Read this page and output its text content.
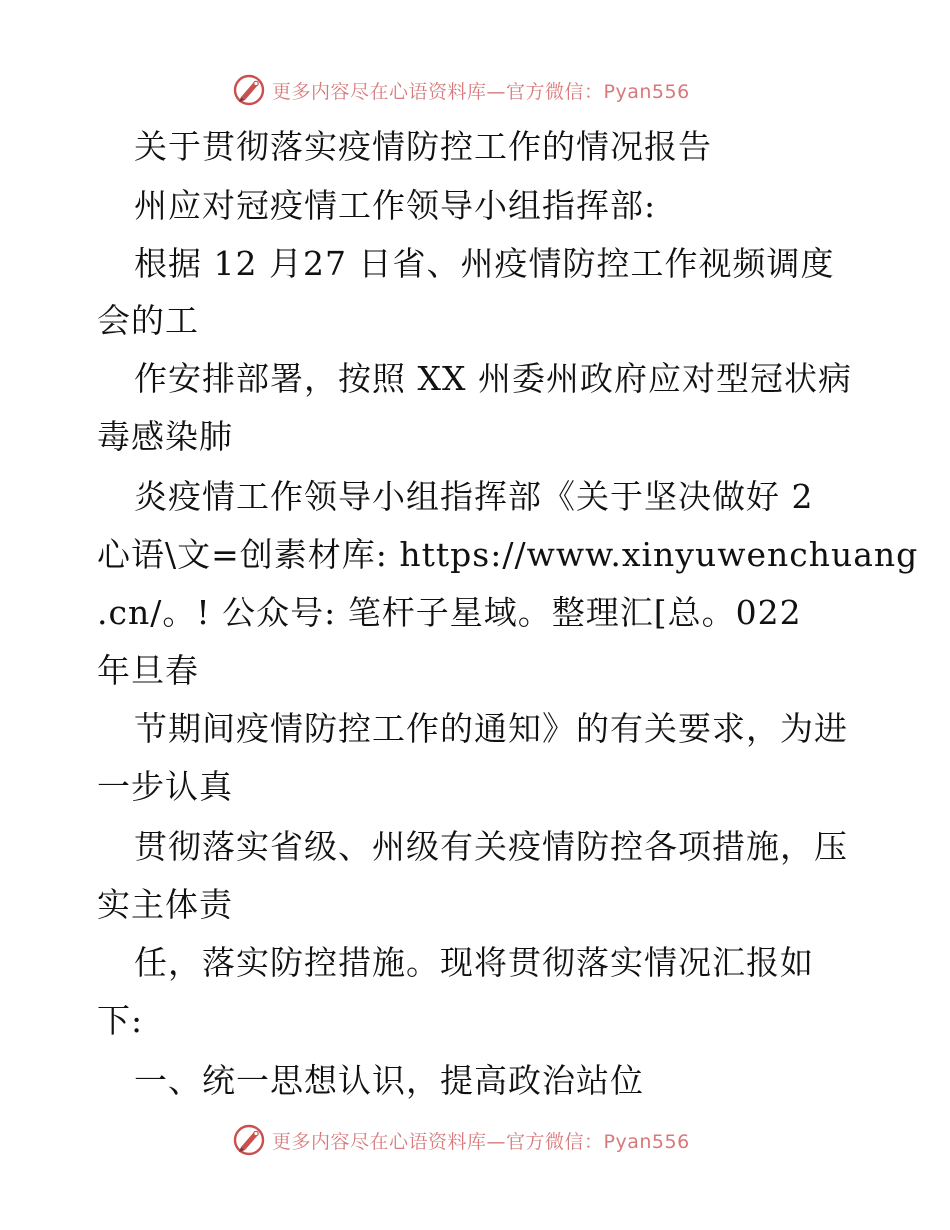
更多内容尽在心语资料库—官方微信：Pyan556
关于贯彻落实疫情防控工作的情况报告
州应对冠疫情工作领导小组指挥部:
根据 12 月27 日省、州疫情防控工作视频调度
会的工
作安排部署，按照 XX 州委州政府应对型冠状病
毒感染肺
炎疫情工作领导小组指挥部《关于坚决做好 2
心语\文=创素材库: https://www.xinyuwenchuang
.cn/。! 公众号: 笔杆子星域。整理汇[总。022
年旦春
节期间疫情防控工作的通知》的有关要求，为进
一步认真
贯彻落实省级、州级有关疫情防控各项措施，压
实主体责
任，落实防控措施。现将贯彻落实情况汇报如
下:
一、统一思想认识，提高政治站位
更多内容尽在心语资料库—官方微信：Pyan556
